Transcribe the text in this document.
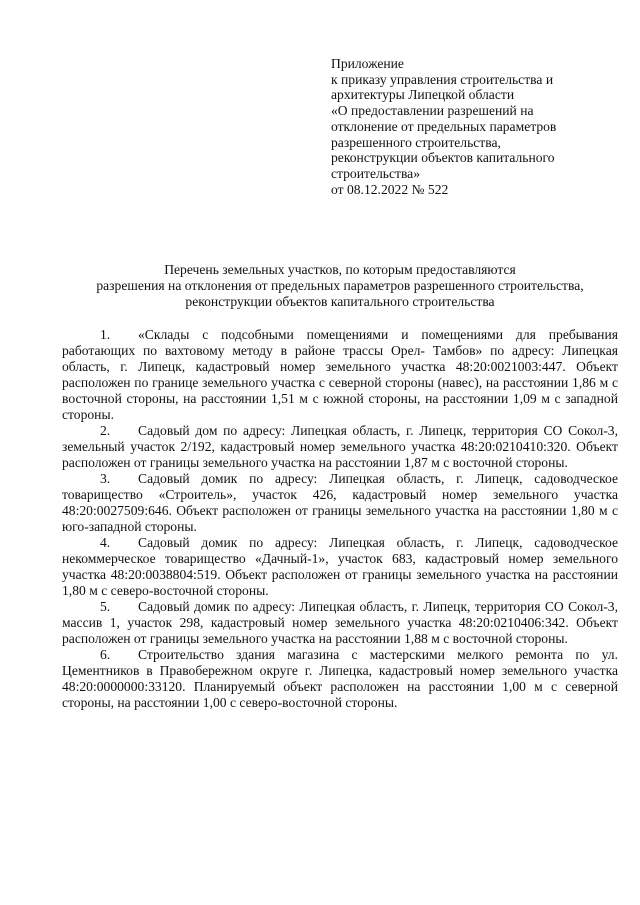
Приложение
к приказу управления строительства и
архитектуры Липецкой области
«О предоставлении разрешений на
отклонение от предельных параметров
разрешенного строительства,
реконструкции объектов капитального
строительства»
от 08.12.2022 № 522
Перечень земельных участков, по которым предоставляются
разрешения на отклонения от предельных параметров разрешенного строительства,
реконструкции объектов капитального строительства

1. «Склады с подсобными помещениями и помещениями для пребывания работающих по вахтовому методу в районе трассы Орел- Тамбов» по адресу: Липецкая область, г. Липецк, кадастровый номер земельного участка 48:20:0021003:447. Объект расположен по границе земельного участка с северной стороны (навес), на расстоянии 1,86 м с восточной стороны, на расстоянии 1,51 м с южной стороны, на расстоянии 1,09 м с западной стороны.

2. Садовый дом по адресу: Липецкая область, г. Липецк, территория СО Сокол-3, земельный участок 2/192, кадастровый номер земельного участка 48:20:0210410:320. Объект расположен от границы земельного участка на расстоянии 1,87 м с восточной стороны.

3. Садовый домик по адресу: Липецкая область, г. Липецк, садоводческое товарищество «Строитель», участок 426, кадастровый номер земельного участка 48:20:0027509:646. Объект расположен от границы земельного участка на расстоянии 1,80 м с юго-западной стороны.

4. Садовый домик по адресу: Липецкая область, г. Липецк, садоводческое некоммерческое товарищество «Дачный-1», участок 683, кадастровый номер земельного участка 48:20:0038804:519. Объект расположен от границы земельного участка на расстоянии 1,80 м с северо-восточной стороны.

5. Садовый домик по адресу: Липецкая область, г. Липецк, территория СО Сокол-3, массив 1, участок 298, кадастровый номер земельного участка 48:20:0210406:342. Объект расположен от границы земельного участка на расстоянии 1,88 м с восточной стороны.

6. Строительство здания магазина с мастерскими мелкого ремонта по ул. Цементников в Правобережном округе г. Липецка, кадастровый номер земельного участка 48:20:0000000:33120. Планируемый объект расположен на расстоянии 1,00 м с северной стороны, на расстоянии 1,00 с северо-восточной стороны.
